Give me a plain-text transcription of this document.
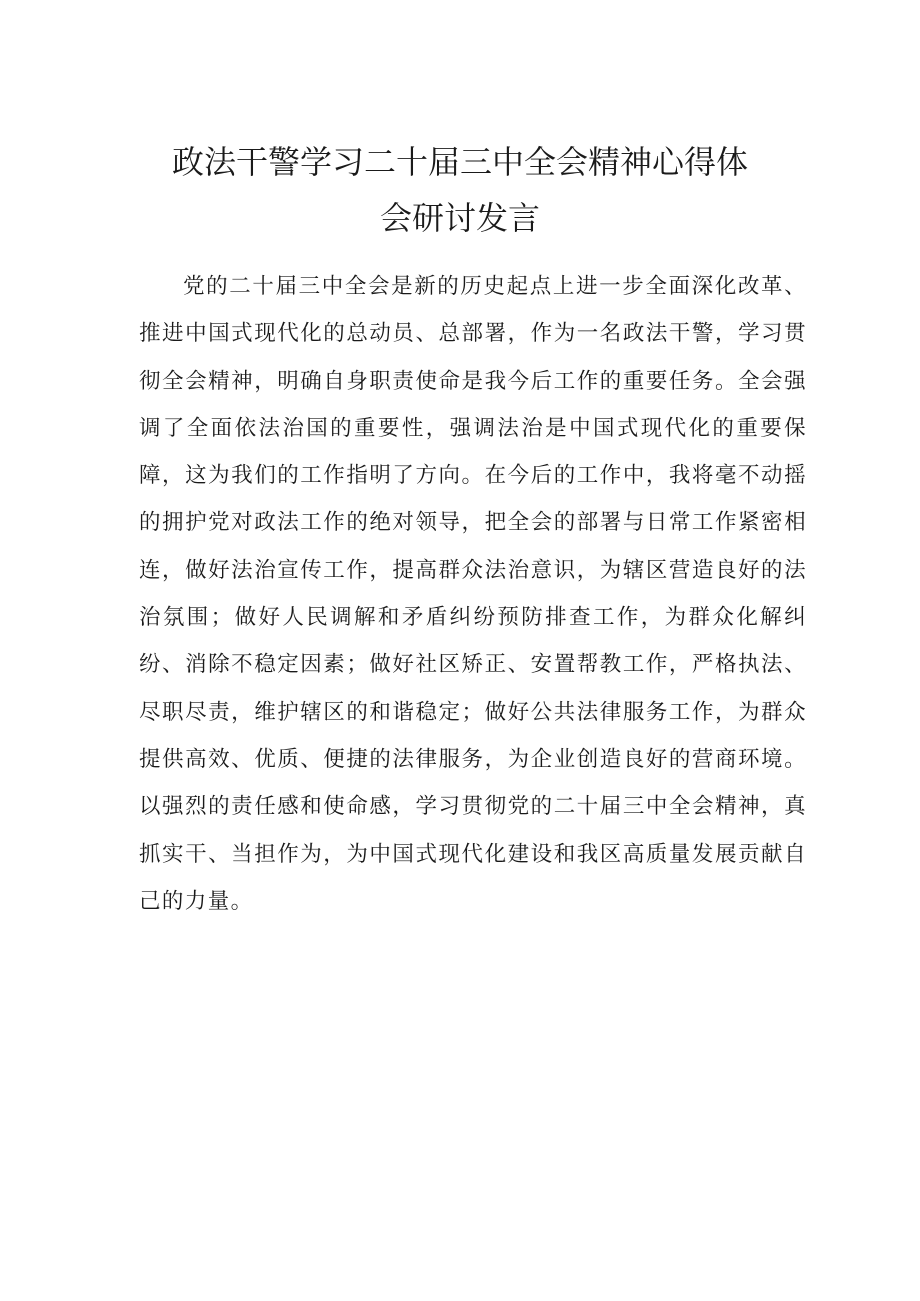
政法干警学习二十届三中全会精神心得体
会研讨发言

党的二十届三中全会是新的历史起点上进一步全面深化改革、推进中国式现代化的总动员、总部署，作为一名政法干警，学习贯彻全会精神，明确自身职责使命是我今后工作的重要任务。全会强调了全面依法治国的重要性，强调法治是中国式现代化的重要保障，这为我们的工作指明了方向。在今后的工作中，我将毫不动摇的拥护党对政法工作的绝对领导，把全会的部署与日常工作紧密相连，做好法治宣传工作，提高群众法治意识，为辖区营造良好的法治氛围；做好人民调解和矛盾纠纷预防排查工作，为群众化解纠纷、消除不稳定因素；做好社区矫正、安置帮教工作，严格执法、尽职尽责，维护辖区的和谐稳定；做好公共法律服务工作，为群众提供高效、优质、便捷的法律服务，为企业创造良好的营商环境。以强烈的责任感和使命感，学习贯彻党的二十届三中全会精神，真抓实干、当担作为，为中国式现代化建设和我区高质量发展贡献自己的力量。
